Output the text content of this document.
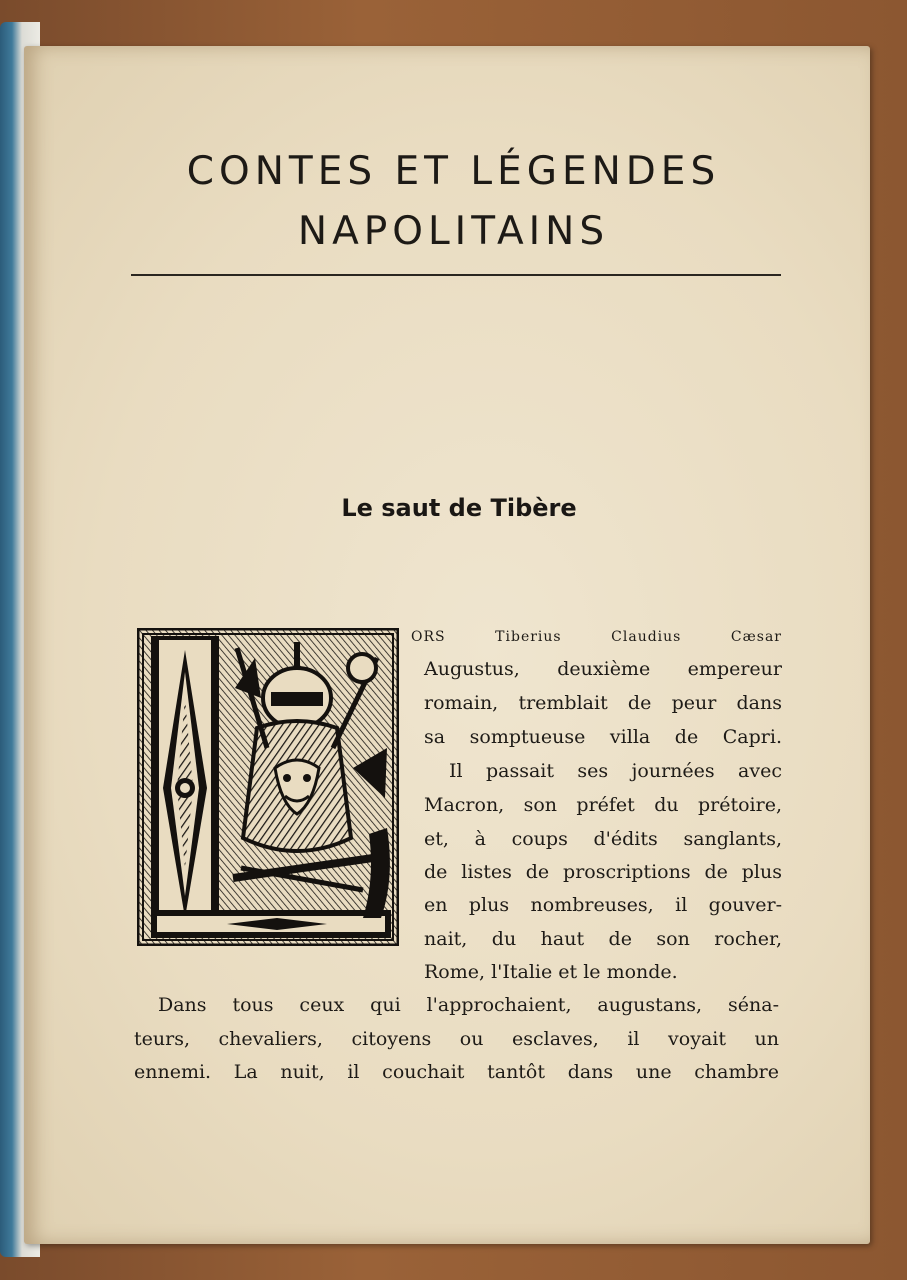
CONTES ET LÉGENDES
NAPOLITAINS
Le saut de Tibère
ORS Tiberius Claudius Cæsar
Augustus, deuxième empereur
romain, tremblait de peur dans
sa somptueuse villa de Capri.
Il passait ses journées avec
Macron, son préfet du prétoire,
et, à coups d'édits sanglants,
de listes de proscriptions de plus
en plus nombreuses, il gouver-
nait, du haut de son rocher,
Rome, l'Italie et le monde.
Dans tous ceux qui l'approchaient, augustans, séna-
teurs, chevaliers, citoyens ou esclaves, il voyait un
ennemi. La nuit, il couchait tantôt dans une chambre
